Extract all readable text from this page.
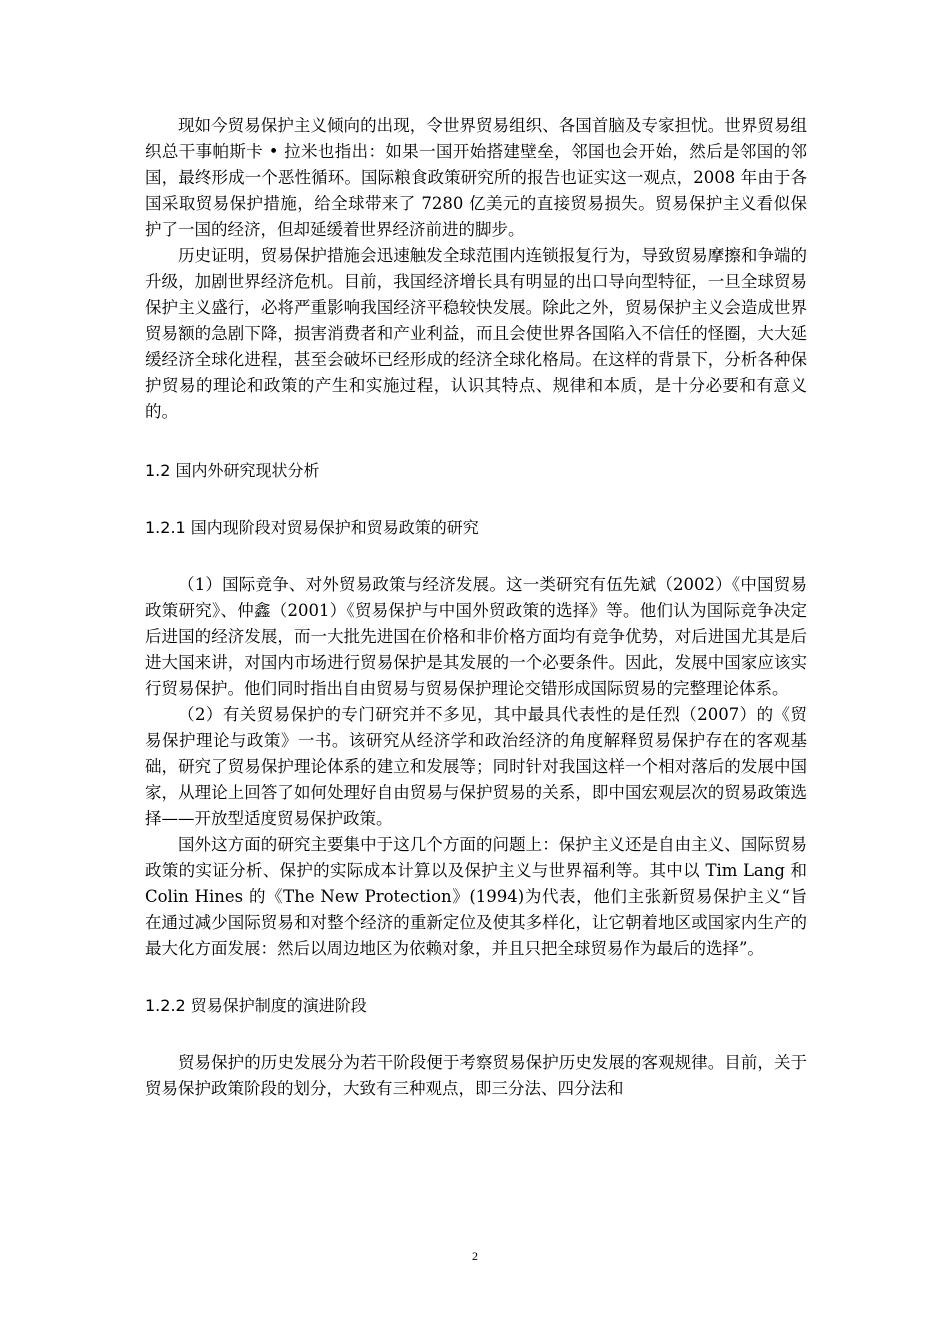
现如今贸易保护主义倾向的出现，令世界贸易组织、各国首脑及专家担忧。世界贸易组织总干事帕斯卡 • 拉米也指出：如果一国开始搭建壁垒，邻国也会开始，然后是邻国的邻国，最终形成一个恶性循环。国际粮食政策研究所的报告也证实这一观点，2008 年由于各国采取贸易保护措施，给全球带来了 7280 亿美元的直接贸易损失。贸易保护主义看似保护了一国的经济，但却延缓着世界经济前进的脚步。

历史证明，贸易保护措施会迅速触发全球范围内连锁报复行为，导致贸易摩擦和争端的升级，加剧世界经济危机。目前，我国经济增长具有明显的出口导向型特征，一旦全球贸易保护主义盛行，必将严重影响我国经济平稳较快发展。除此之外，贸易保护主义会造成世界贸易额的急剧下降，损害消费者和产业利益，而且会使世界各国陷入不信任的怪圈，大大延缓经济全球化进程，甚至会破坏已经形成的经济全球化格局。在这样的背景下，分析各种保护贸易的理论和政策的产生和实施过程，认识其特点、规律和本质，是十分必要和有意义的。

1.2 国内外研究现状分析
1.2.1 国内现阶段对贸易保护和贸易政策的研究

（1）国际竞争、对外贸易政策与经济发展。这一类研究有伍先斌（2002）《中国贸易政策研究》、仲鑫（2001）《贸易保护与中国外贸政策的选择》等。他们认为国际竞争决定后进国的经济发展，而一大批先进国在价格和非价格方面均有竞争优势，对后进国尤其是后进大国来讲，对国内市场进行贸易保护是其发展的一个必要条件。因此，发展中国家应该实行贸易保护。他们同时指出自由贸易与贸易保护理论交错形成国际贸易的完整理论体系。

（2）有关贸易保护的专门研究并不多见，其中最具代表性的是任烈（2007）的《贸易保护理论与政策》一书。该研究从经济学和政治经济的角度解释贸易保护存在的客观基础，研究了贸易保护理论体系的建立和发展等；同时针对我国这样一个相对落后的发展中国家，从理论上回答了如何处理好自由贸易与保护贸易的关系，即中国宏观层次的贸易政策选择——开放型适度贸易保护政策。

国外这方面的研究主要集中于这几个方面的问题上：保护主义还是自由主义、国际贸易政策的实证分析、保护的实际成本计算以及保护主义与世界福利等。其中以 Tim Lang 和 Colin Hines 的《The New Protection》(1994)为代表，他们主张新贸易保护主义“旨在通过减少国际贸易和对整个经济的重新定位及使其多样化，让它朝着地区或国家内生产的最大化方面发展：然后以周边地区为依赖对象，并且只把全球贸易作为最后的选择”。

1.2.2 贸易保护制度的演进阶段

贸易保护的历史发展分为若干阶段便于考察贸易保护历史发展的客观规律。目前，关于贸易保护政策阶段的划分，大致有三种观点，即三分法、四分法和

2
